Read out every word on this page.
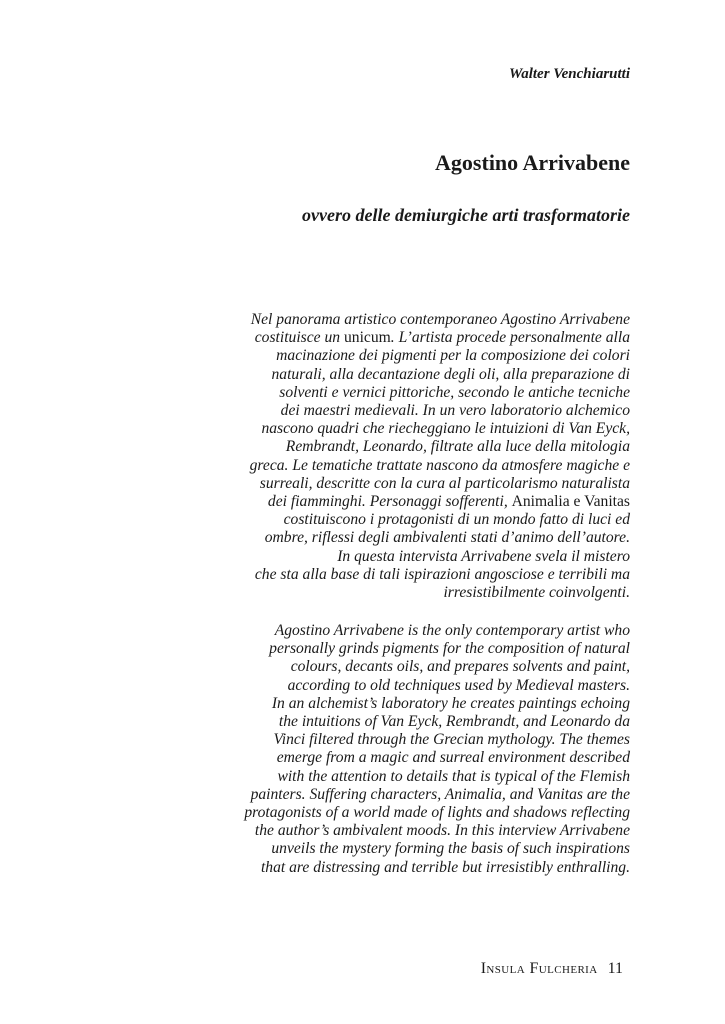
Walter Venchiarutti
Agostino Arrivabene
ovvero delle demiurgiche arti trasformatorie
Nel panorama artistico contemporaneo Agostino Arrivabene
costituisce un unicum. L’artista procede personalmente alla
macinazione dei pigmenti per la composizione dei colori
naturali, alla decantazione degli oli, alla preparazione di
solventi e vernici pittoriche, secondo le antiche tecniche
dei maestri medievali. In un vero laboratorio alchemico
nascono quadri che riecheggiano le intuizioni di Van Eyck,
Rembrandt, Leonardo, filtrate alla luce della mitologia
greca. Le tematiche trattate nascono da atmosfere magiche e
surreali, descritte con la cura al particolarismo naturalista
dei fiamminghi. Personaggi sofferenti, Animalia e Vanitas
costituiscono i protagonisti di un mondo fatto di luci ed
ombre, riflessi degli ambivalenti stati d’animo dell’autore.
In questa intervista Arrivabene svela il mistero
che sta alla base di tali ispirazioni angosciose e terribili ma
irresistibilmente coinvolgenti.
Agostino Arrivabene is the only contemporary artist who
personally grinds pigments for the composition of natural
colours, decants oils, and prepares solvents and paint,
according to old techniques used by Medieval masters.
In an alchemist’s laboratory he creates paintings echoing
the intuitions of Van Eyck, Rembrandt, and Leonardo da
Vinci filtered through the Grecian mythology. The themes
emerge from a magic and surreal environment described
with the attention to details that is typical of the Flemish
painters. Suffering characters, Animalia, and Vanitas are the
protagonists of a world made of lights and shadows reflecting
the author’s ambivalent moods. In this interview Arrivabene
unveils the mystery forming the basis of such inspirations
that are distressing and terrible but irresistibly enthralling.
Insula Fulcheria 11
